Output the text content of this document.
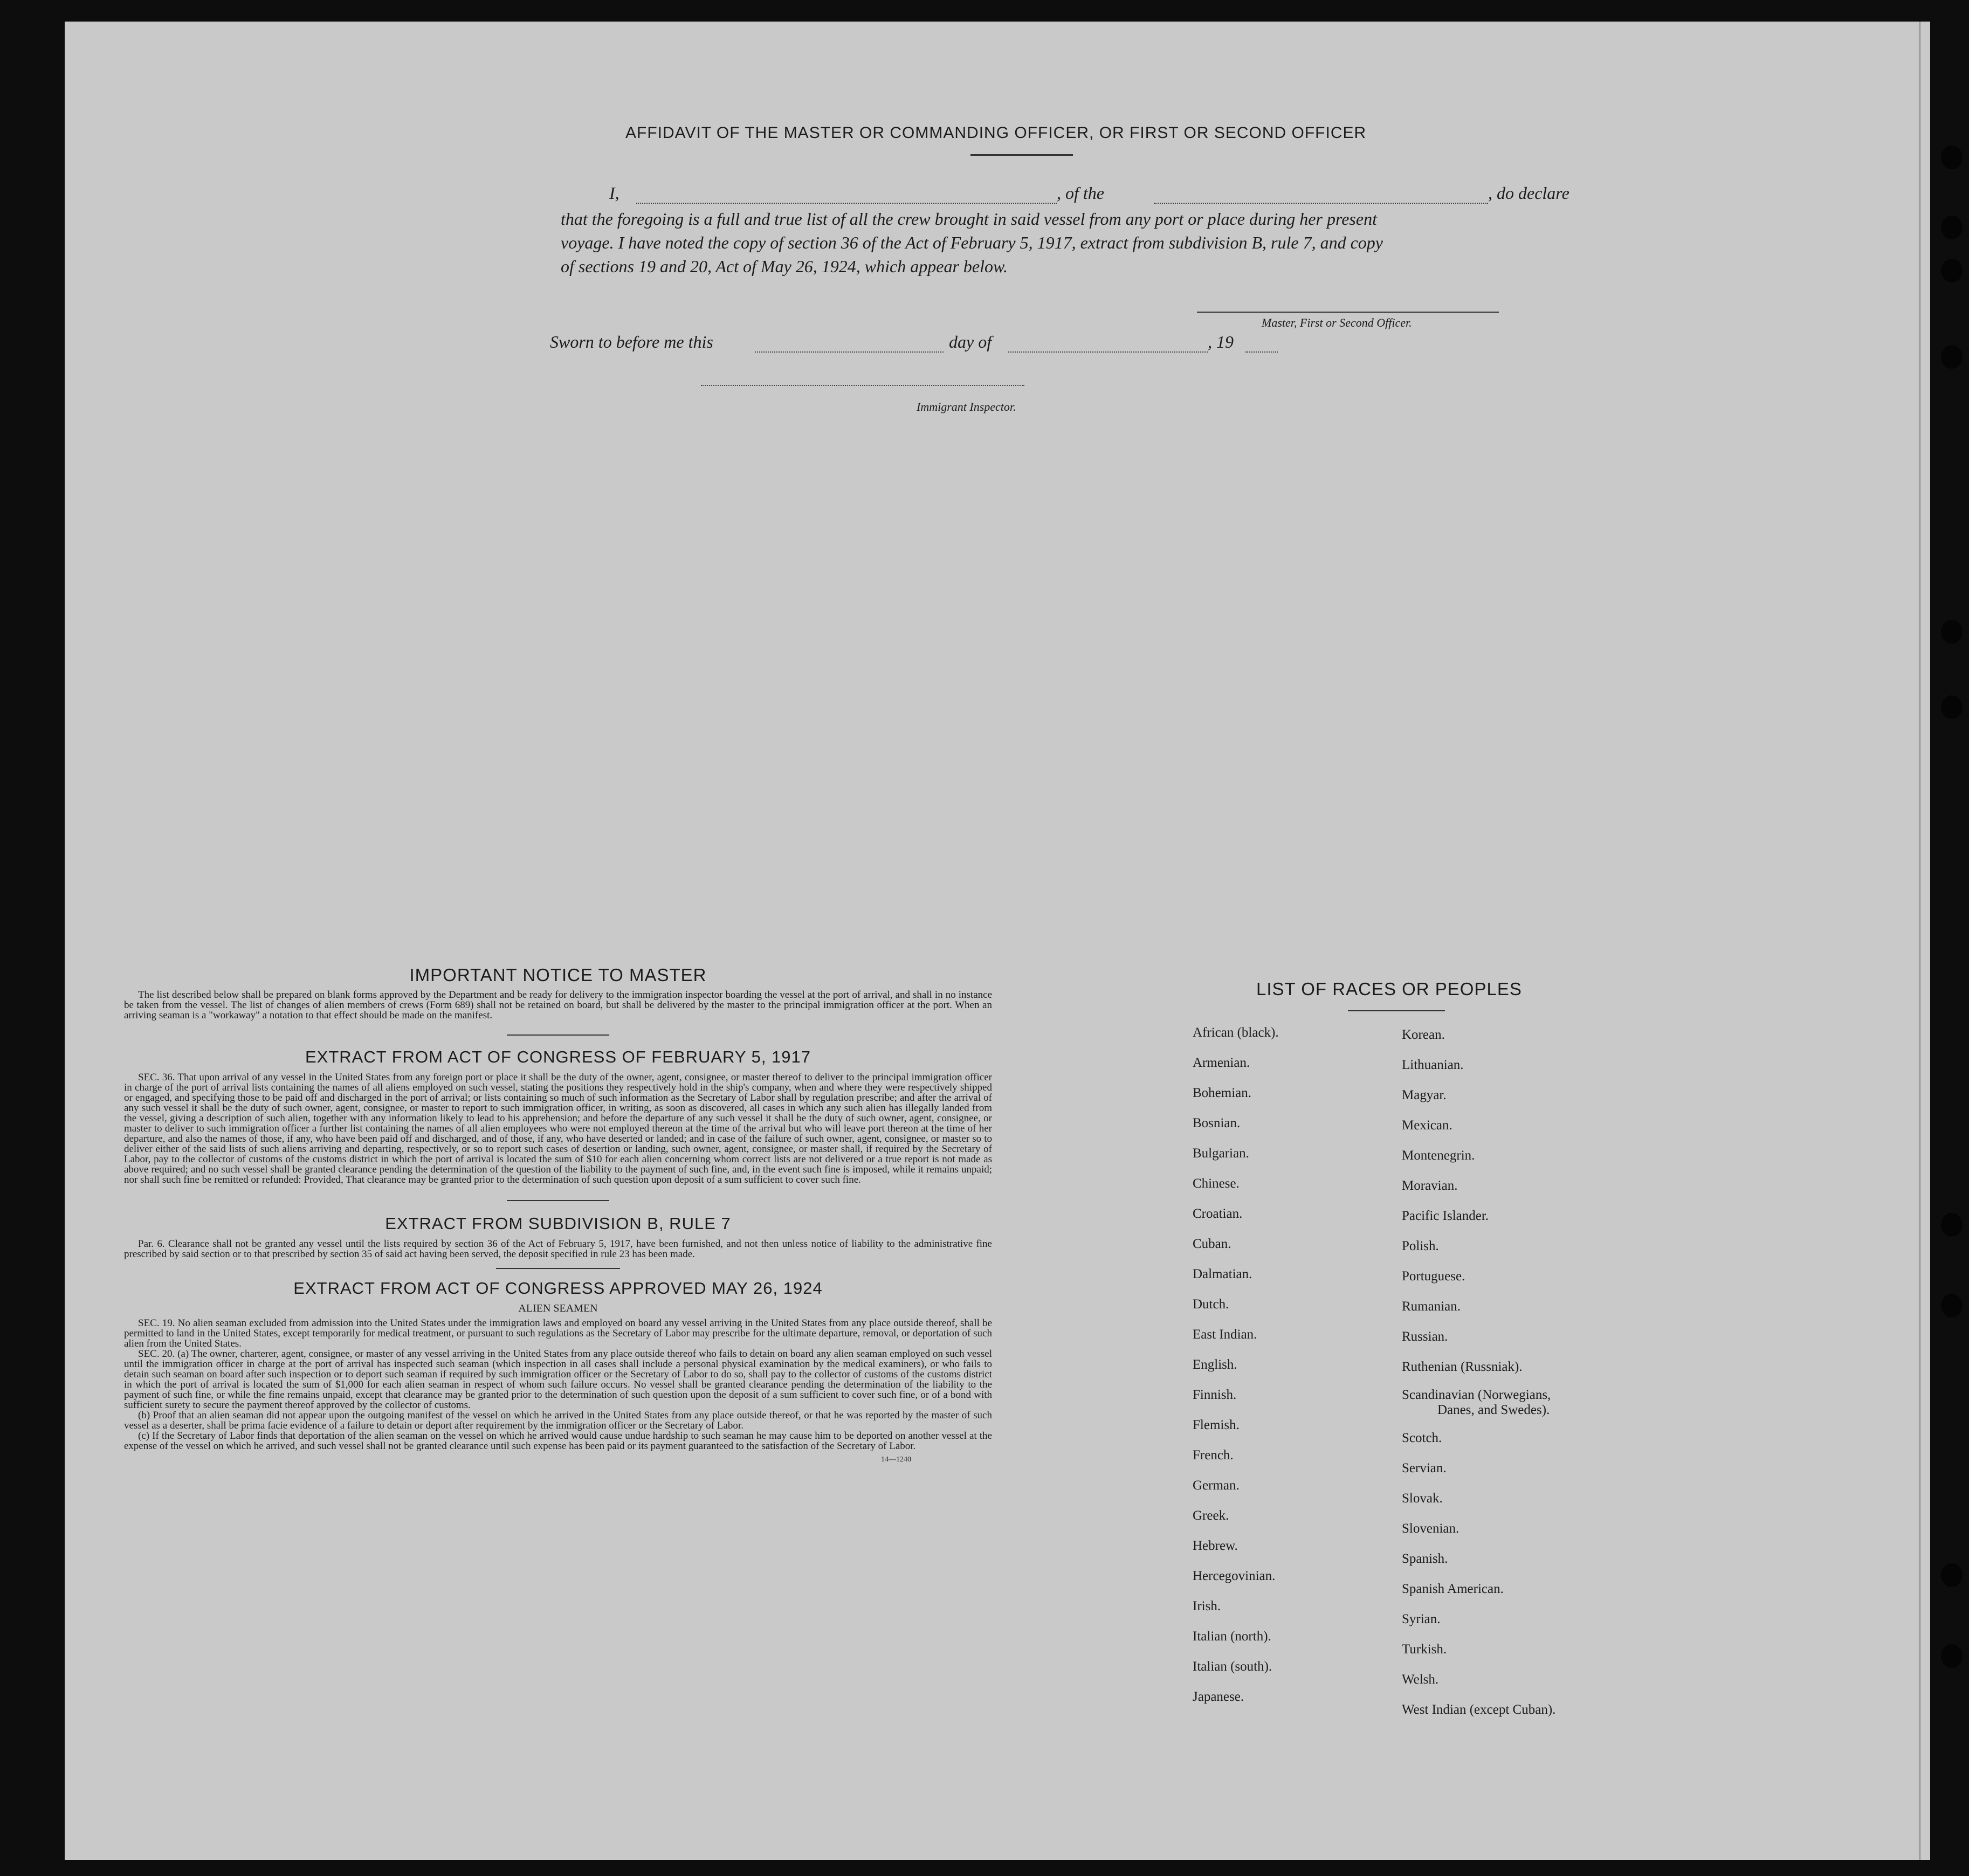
AFFIDAVIT OF THE MASTER OR COMMANDING OFFICER, OR FIRST OR SECOND OFFICER
I,	, of the	, do declare
that the foregoing is a full and true list of all the crew brought in said vessel from any port or place during her present
voyage. I have noted the copy of section 36 of the Act of February 5, 1917, extract from subdivision B, rule 7, and copy
of sections 19 and 20, Act of May 26, 1924, which appear below.
Master, First or Second Officer.
Sworn to before me this	day of	, 19
Immigrant Inspector.
IMPORTANT NOTICE TO MASTER

The list described below shall be prepared on blank forms approved by the Department and be ready for delivery to the immigration inspector boarding the vessel at the port of arrival, and shall in no instance be taken from the vessel. The list of changes of alien members of crews (Form 689) shall not be retained on board, but shall be delivered by the master to the principal immigration officer at the port. When an arriving seaman is a "workaway" a notation to that effect should be made on the manifest.

EXTRACT FROM ACT OF CONGRESS OF FEBRUARY 5, 1917

SEC. 36. That upon arrival of any vessel in the United States from any foreign port or place it shall be the duty of the owner, agent, consignee, or master thereof to deliver to the principal immigration officer in charge of the port of arrival lists containing the names of all aliens employed on such vessel, stating the positions they respectively hold in the ship's company, when and where they were respectively shipped or engaged, and specifying those to be paid off and discharged in the port of arrival; or lists containing so much of such information as the Secretary of Labor shall by regulation prescribe; and after the arrival of any such vessel it shall be the duty of such owner, agent, consignee, or master to report to such immigration officer, in writing, as soon as discovered, all cases in which any such alien has illegally landed from the vessel, giving a description of such alien, together with any information likely to lead to his apprehension; and before the departure of any such vessel it shall be the duty of such owner, agent, consignee, or master to deliver to such immigration officer a further list containing the names of all alien employees who were not employed thereon at the time of the arrival but who will leave port thereon at the time of her departure, and also the names of those, if any, who have been paid off and discharged, and of those, if any, who have deserted or landed; and in case of the failure of such owner, agent, consignee, or master so to deliver either of the said lists of such aliens arriving and departing, respectively, or so to report such cases of desertion or landing, such owner, agent, consignee, or master shall, if required by the Secretary of Labor, pay to the collector of customs of the customs district in which the port of arrival is located the sum of $10 for each alien concerning whom correct lists are not delivered or a true report is not made as above required; and no such vessel shall be granted clearance pending the determination of the question of the liability to the payment of such fine, and, in the event such fine is imposed, while it remains unpaid; nor shall such fine be remitted or refunded: Provided, That clearance may be granted prior to the determination of such question upon deposit of a sum sufficient to cover such fine.

EXTRACT FROM SUBDIVISION B, RULE 7

Par. 6. Clearance shall not be granted any vessel until the lists required by section 36 of the Act of February 5, 1917, have been furnished, and not then unless notice of liability to the administrative fine prescribed by said section or to that prescribed by section 35 of said act having been served, the deposit specified in rule 23 has been made.

EXTRACT FROM ACT OF CONGRESS APPROVED MAY 26, 1924
ALIEN SEAMEN

SEC. 19. No alien seaman excluded from admission into the United States under the immigration laws and employed on board any vessel arriving in the United States from any place outside thereof, shall be permitted to land in the United States, except temporarily for medical treatment, or pursuant to such regulations as the Secretary of Labor may prescribe for the ultimate departure, removal, or deportation of such alien from the United States.

SEC. 20. (a) The owner, charterer, agent, consignee, or master of any vessel arriving in the United States from any place outside thereof who fails to detain on board any alien seaman employed on such vessel until the immigration officer in charge at the port of arrival has inspected such seaman (which inspection in all cases shall include a personal physical examination by the medical examiners), or who fails to detain such seaman on board after such inspection or to deport such seaman if required by such immigration officer or the Secretary of Labor to do so, shall pay to the collector of customs of the customs district in which the port of arrival is located the sum of $1,000 for each alien seaman in respect of whom such failure occurs. No vessel shall be granted clearance pending the determination of the liability to the payment of such fine, or while the fine remains unpaid, except that clearance may be granted prior to the determination of such question upon the deposit of a sum sufficient to cover such fine, or of a bond with sufficient surety to secure the payment thereof approved by the collector of customs.

(b) Proof that an alien seaman did not appear upon the outgoing manifest of the vessel on which he arrived in the United States from any place outside thereof, or that he was reported by the master of such vessel as a deserter, shall be prima facie evidence of a failure to detain or deport after requirement by the immigration officer or the Secretary of Labor.

(c) If the Secretary of Labor finds that deportation of the alien seaman on the vessel on which he arrived would cause undue hardship to such seaman he may cause him to be deported on another vessel at the expense of the vessel on which he arrived, and such vessel shall not be granted clearance until such expense has been paid or its payment guaranteed to the satisfaction of the Secretary of Labor.

14—1240
LIST OF RACES OR PEOPLES
African (black).
Armenian.
Bohemian.
Bosnian.
Bulgarian.
Chinese.
Croatian.
Cuban.
Dalmatian.
Dutch.
East Indian.
English.
Finnish.
Flemish.
French.
German.
Greek.
Hebrew.
Hercegovinian.
Irish.
Italian (north).
Italian (south).
Japanese.
Korean.
Lithuanian.
Magyar.
Mexican.
Montenegrin.
Moravian.
Pacific Islander.
Polish.
Portuguese.
Rumanian.
Russian.
Ruthenian (Russniak).
Scandinavian (Norwegians,
Danes, and Swedes).
Scotch.
Servian.
Slovak.
Slovenian.
Spanish.
Spanish American.
Syrian.
Turkish.
Welsh.
West Indian (except Cuban).
